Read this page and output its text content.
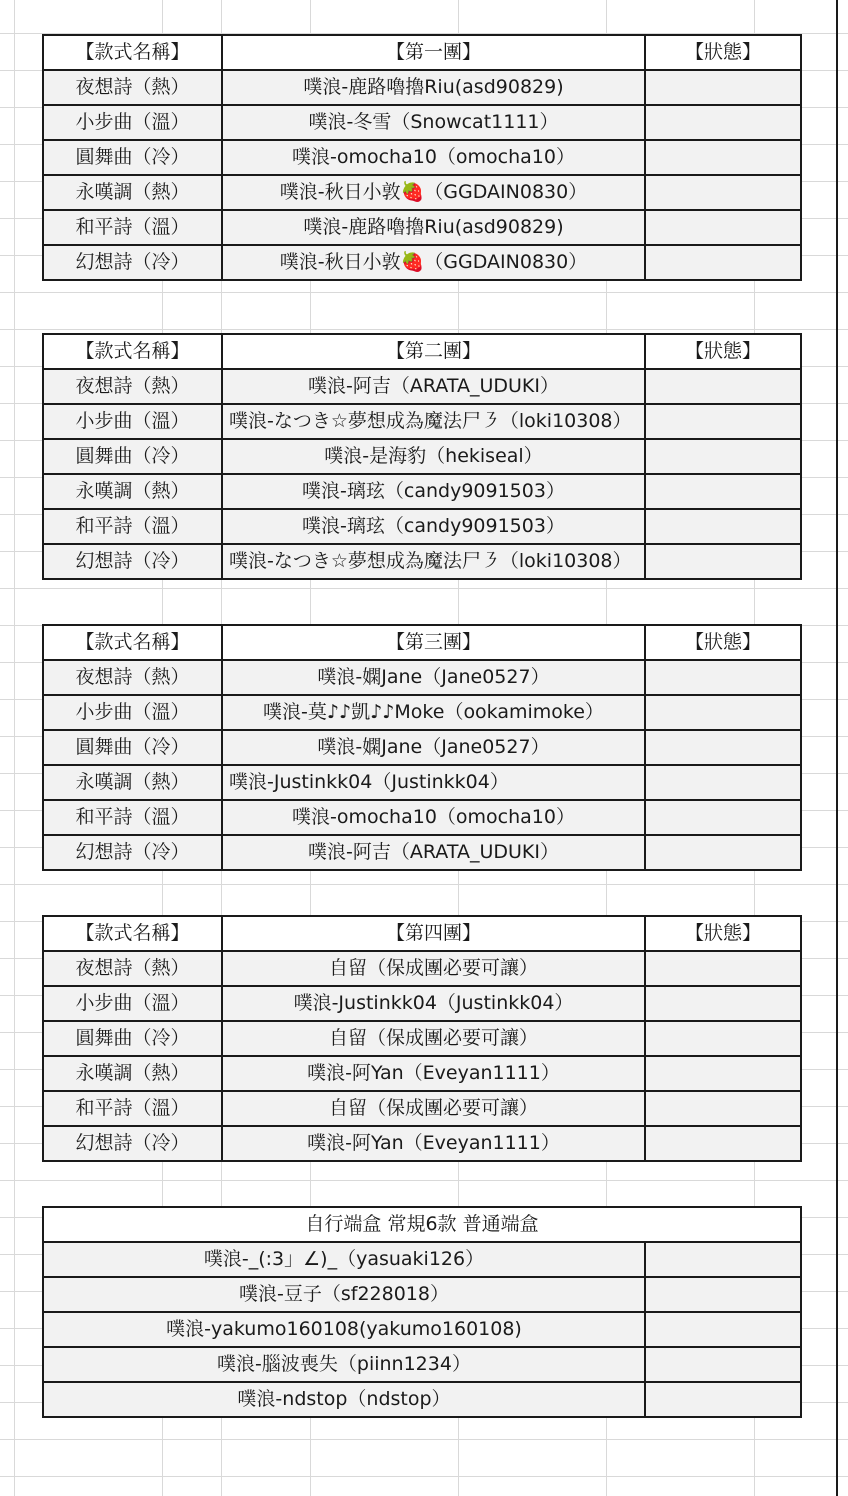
【款式名稱】	【第一團】	【狀態】
夜想詩（熱）	噗浪-鹿路嚕擼Riu(asd90829)	
小步曲（溫）	噗浪-冬雪（Snowcat1111）	
圓舞曲（冷）	噗浪-omocha10（omocha10）	
永嘆調（熱）	噗浪-秋日小敦🍓（GGDAIN0830）	
和平詩（溫）	噗浪-鹿路嚕擼Riu(asd90829)	
幻想詩（冷）	噗浪-秋日小敦🍓（GGDAIN0830）	
【款式名稱】	【第二團】	【狀態】
夜想詩（熱）	噗浪-阿吉（ARATA_UDUKI）	
小步曲（溫）	噗浪-なつき☆夢想成為魔法尸㇋（loki10308）	
圓舞曲（冷）	噗浪-是海豹（hekiseal）	
永嘆調（熱）	噗浪-璃玹（candy9091503）	
和平詩（溫）	噗浪-璃玹（candy9091503）	
幻想詩（冷）	噗浪-なつき☆夢想成為魔法尸㇋（loki10308）	
【款式名稱】	【第三團】	【狀態】
夜想詩（熱）	噗浪-嫻Jane（Jane0527）	
小步曲（溫）	噗浪-莫♪♪凱♪♪Moke（ookamimoke）	
圓舞曲（冷）	噗浪-嫻Jane（Jane0527）	
永嘆調（熱）	噗浪-Justinkk04（Justinkk04）	
和平詩（溫）	噗浪-omocha10（omocha10）	
幻想詩（冷）	噗浪-阿吉（ARATA_UDUKI）	
【款式名稱】	【第四團】	【狀態】
夜想詩（熱）	自留（保成團必要可讓）	
小步曲（溫）	噗浪-Justinkk04（Justinkk04）	
圓舞曲（冷）	自留（保成團必要可讓）	
永嘆調（熱）	噗浪-阿Yan（Eveyan1111）	
和平詩（溫）	自留（保成團必要可讓）	
幻想詩（冷）	噗浪-阿Yan（Eveyan1111）	
自行端盒 常規6款 普通端盒	
噗浪-_(:3」∠)_（yasuaki126）	
噗浪-豆子（sf228018）	
噗浪-yakumo160108(yakumo160108)	
噗浪-腦波喪失（piinn1234）	
噗浪-ndstop（ndstop）	
